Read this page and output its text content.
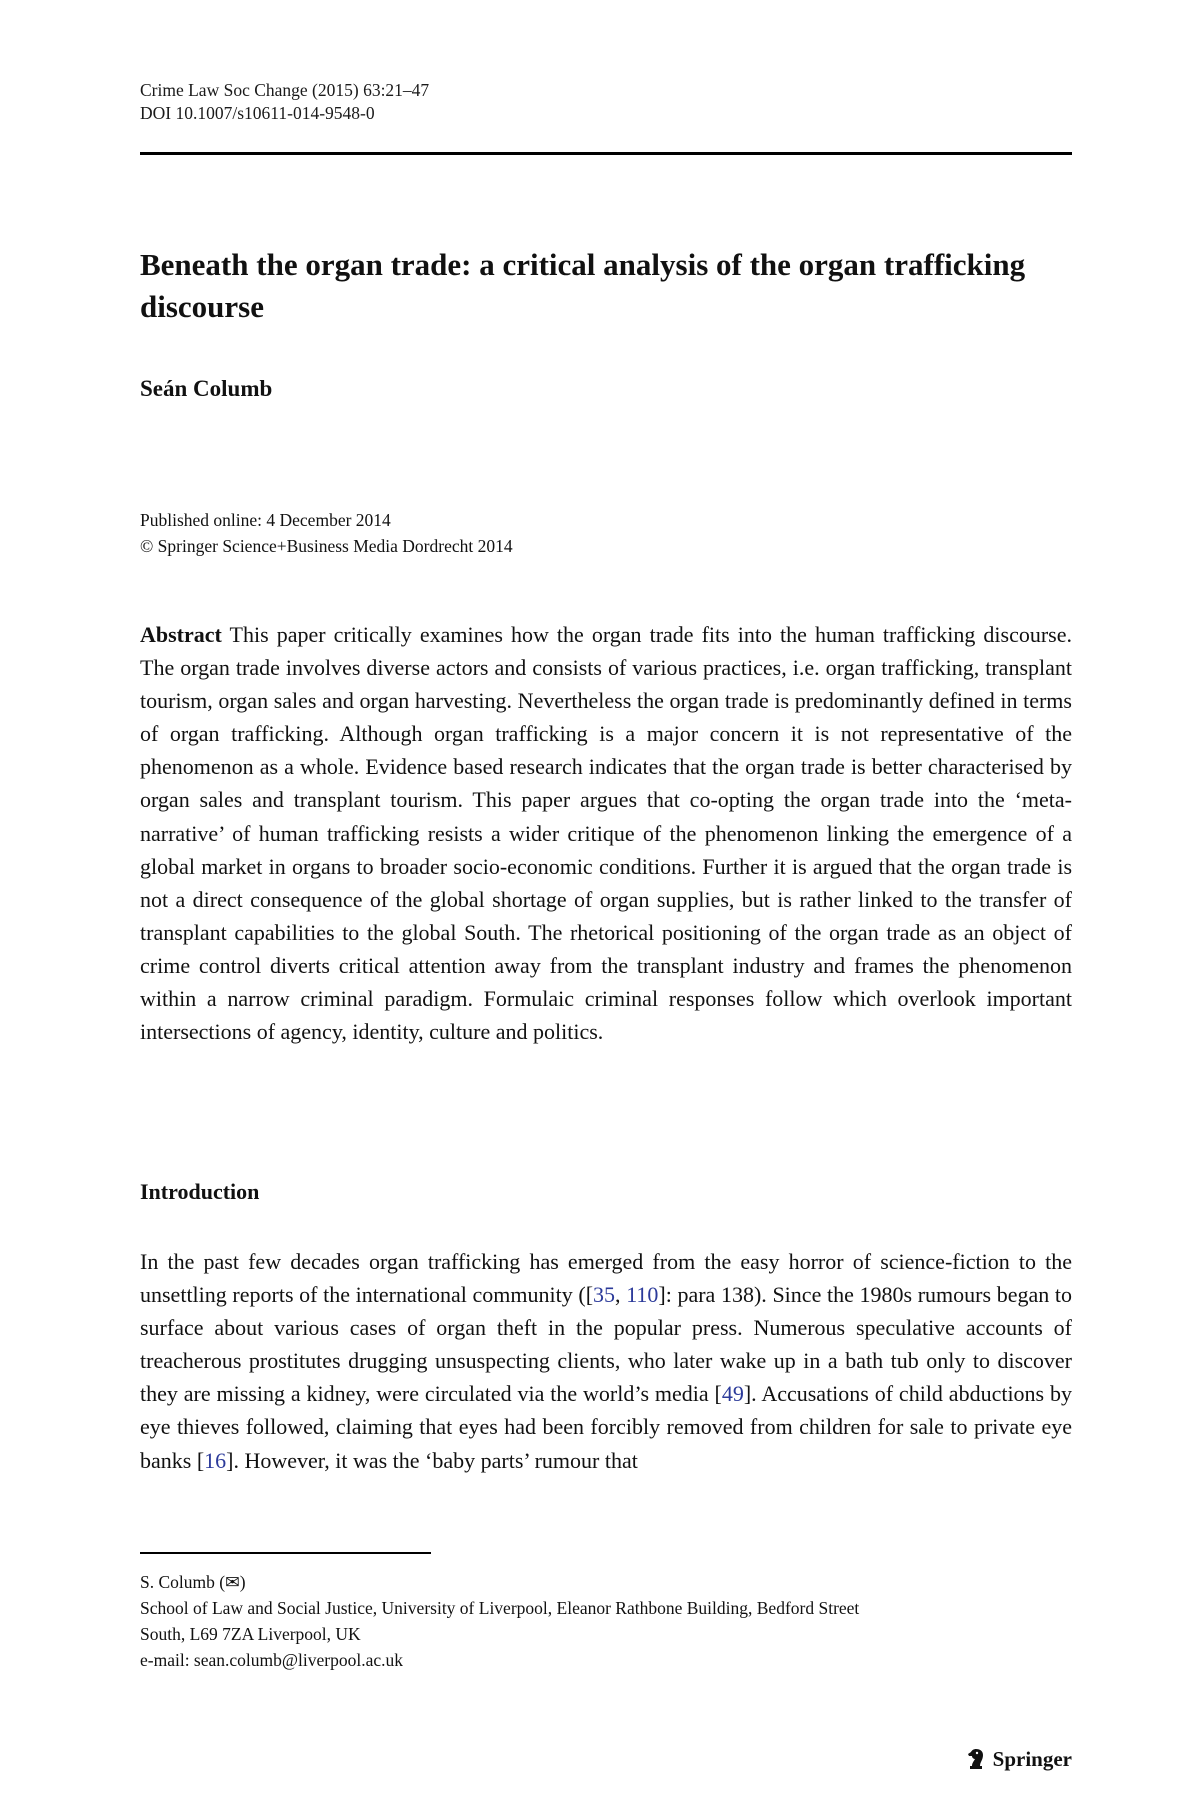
Crime Law Soc Change (2015) 63:21–47
DOI 10.1007/s10611-014-9548-0
Beneath the organ trade: a critical analysis of the organ trafficking discourse
Seán Columb
Published online: 4 December 2014
© Springer Science+Business Media Dordrecht 2014

Abstract This paper critically examines how the organ trade fits into the human trafficking discourse. The organ trade involves diverse actors and consists of various practices, i.e. organ trafficking, transplant tourism, organ sales and organ harvesting. Nevertheless the organ trade is predominantly defined in terms of organ trafficking. Although organ trafficking is a major concern it is not representative of the phenomenon as a whole. Evidence based research indicates that the organ trade is better characterised by organ sales and transplant tourism. This paper argues that co-opting the organ trade into the ‘meta- narrative’ of human trafficking resists a wider critique of the phenomenon linking the emergence of a global market in organs to broader socio-economic conditions. Further it is argued that the organ trade is not a direct consequence of the global shortage of organ supplies, but is rather linked to the transfer of transplant capabilities to the global South. The rhetorical positioning of the organ trade as an object of crime control diverts critical attention away from the transplant industry and frames the phenomenon within a narrow criminal paradigm. Formulaic criminal responses follow which overlook important intersections of agency, identity, culture and politics.

Introduction

In the past few decades organ trafficking has emerged from the easy horror of science-fiction to the unsettling reports of the international community ([35, 110]: para 138). Since the 1980s rumours began to surface about various cases of organ theft in the popular press. Numerous speculative accounts of treacherous prostitutes drugging unsuspecting clients, who later wake up in a bath tub only to discover they are missing a kidney, were circulated via the world’s media [49]. Accusations of child abductions by eye thieves followed, claiming that eyes had been forcibly removed from children for sale to private eye banks [16]. However, it was the ‘baby parts’ rumour that

S. Columb (✉)
School of Law and Social Justice, University of Liverpool, Eleanor Rathbone Building, Bedford Street
South, L69 7ZA Liverpool, UK
e-mail: sean.columb@liverpool.ac.uk
Springer
